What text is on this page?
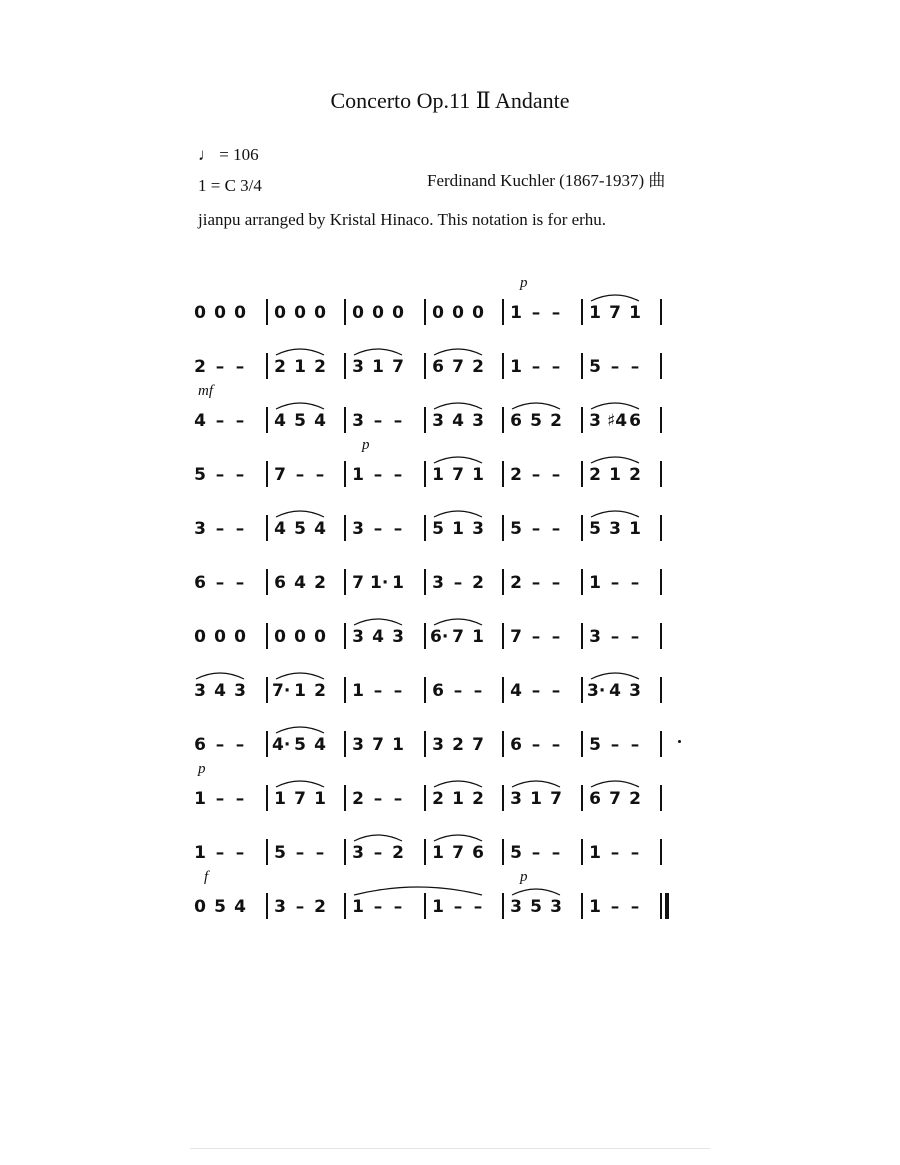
Concerto Op.11 Ⅱ Andante
♩ = 106
1 = C 3/4	Ferdinand Kuchler (1867-1937) 曲
jianpu arranged by Kristal Hinaco. This notation is for erhu.
p
0 0 0 0 0 0 0 0 0 0 0 0 1 – – 1 7 1
2 – – 2 1 2 3 1 7 6 7 2 1 – – 5 – –
mf
4 – – 4 5 4 3 – – 3 4 3 6 5 2 3 ♯4 6
p
5 – – 7 – – 1 – – 1 7 1 2 – – 2 1 2
3 – – 4 5 4 3 – – 5 1 3 5 – – 5 3 1
6 – – 6 4 2 7 1· 1 3 – 2 2 – – 1 – –
0 0 0 0 0 0 3 4 3 6· 7 1 7 – – 3 – –
3 4 3 7· 1 2 1 – – 6 – – 4 – – 3· 4 3
6 – – 4· 5 4 3 7 1 3 2 7 6 – – 5 – –
p
1 – – 1 7 1 2 – – 2 1 2 3 1 7 6 7 2
1 – – 5 – – 3 – 2 1 7 6 5 – – 1 – –
f	p
0 5 4 3 – 2 1 – – 1 – – 3 5 3 1 – –
